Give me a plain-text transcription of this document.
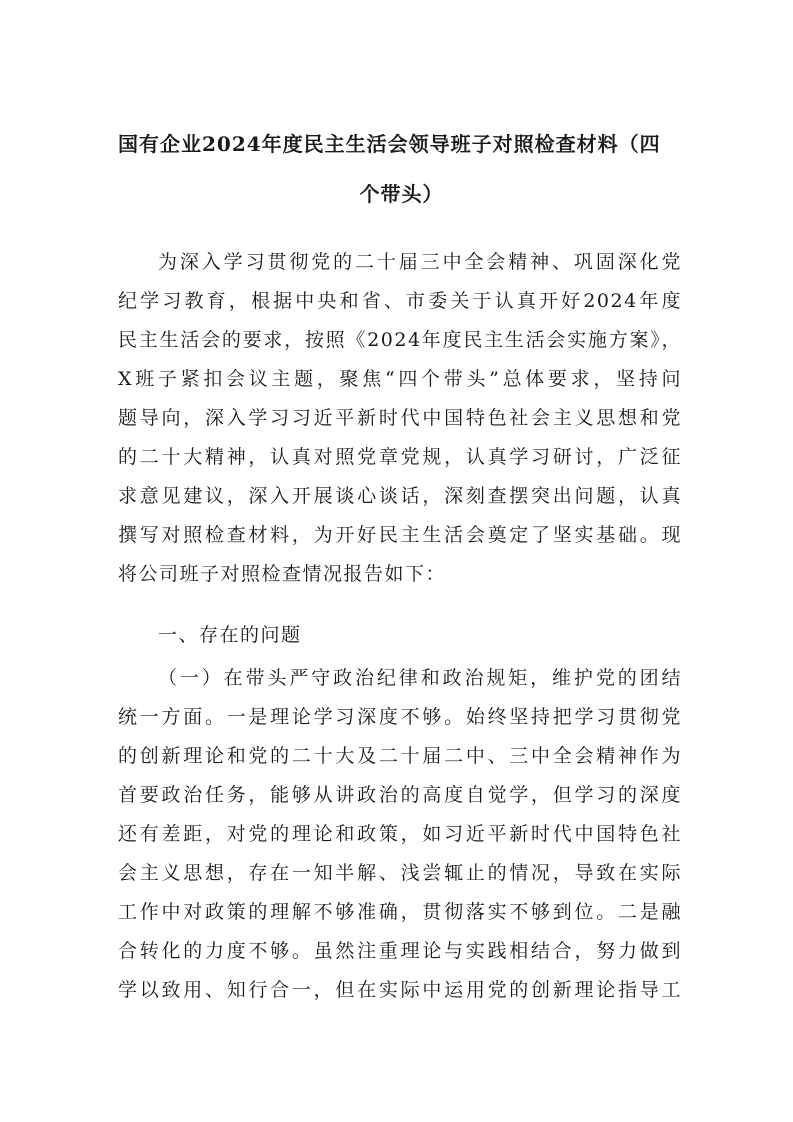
国有企业2024年度民主生活会领导班子对照检查材料（四
个带头）
为深入学习贯彻党的二十届三中全会精神、巩固深化党
纪学习教育，根据中央和省、市委关于认真开好2024年度
民主生活会的要求，按照《2024年度民主生活会实施方案》，
X班子紧扣会议主题，聚焦“四个带头”总体要求，坚持问
题导向，深入学习习近平新时代中国特色社会主义思想和党
的二十大精神，认真对照党章党规，认真学习研讨，广泛征
求意见建议，深入开展谈心谈话，深刻查摆突出问题，认真
撰写对照检查材料，为开好民主生活会奠定了坚实基础。现
将公司班子对照检查情况报告如下：
一、存在的问题
（一）在带头严守政治纪律和政治规矩，维护党的团结
统一方面。一是理论学习深度不够。始终坚持把学习贯彻党
的创新理论和党的二十大及二十届二中、三中全会精神作为
首要政治任务，能够从讲政治的高度自觉学，但学习的深度
还有差距，对党的理论和政策，如习近平新时代中国特色社
会主义思想，存在一知半解、浅尝辄止的情况，导致在实际
工作中对政策的理解不够准确，贯彻落实不够到位。二是融
合转化的力度不够。虽然注重理论与实践相结合，努力做到
学以致用、知行合一，但在实际中运用党的创新理论指导工
